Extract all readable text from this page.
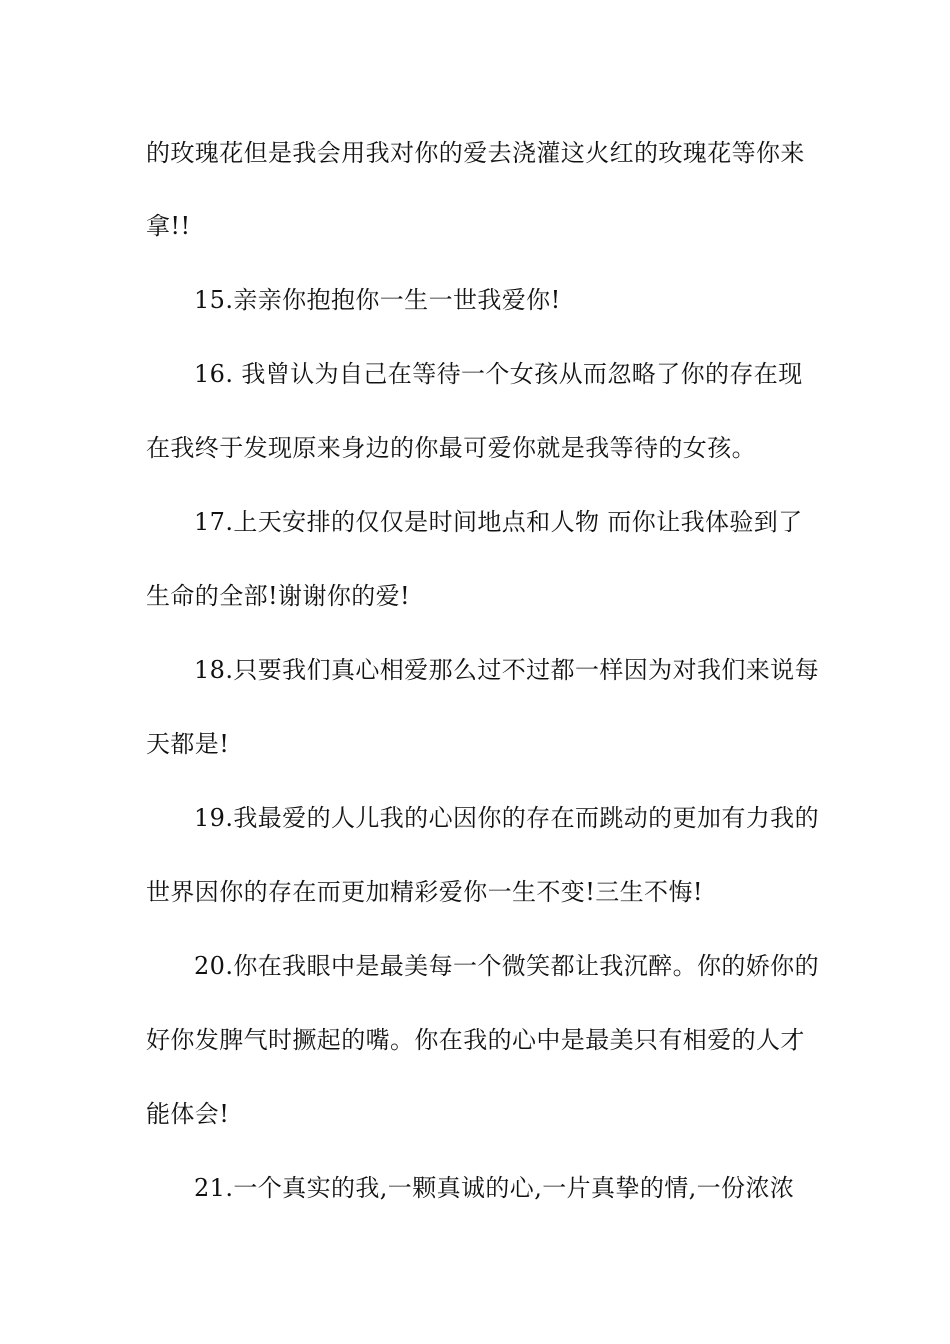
的玫瑰花但是我会用我对你的爱去浇灌这火红的玫瑰花等你来
拿!!
15.亲亲你抱抱你一生一世我爱你!
16. 我曾认为自己在等待一个女孩从而忽略了你的存在现
在我终于发现原来身边的你最可爱你就是我等待的女孩。
17.上天安排的仅仅是时间地点和人物 而你让我体验到了
生命的全部!谢谢你的爱!
18.只要我们真心相爱那么过不过都一样因为对我们来说每
天都是!
19.我最爱的人儿我的心因你的存在而跳动的更加有力我的
世界因你的存在而更加精彩爱你一生不变!三生不悔!
20.你在我眼中是最美每一个微笑都让我沉醉。你的娇你的
好你发脾气时撅起的嘴。你在我的心中是最美只有相爱的人才
能体会!
21.一个真实的我,一颗真诚的心,一片真挚的情,一份浓浓
